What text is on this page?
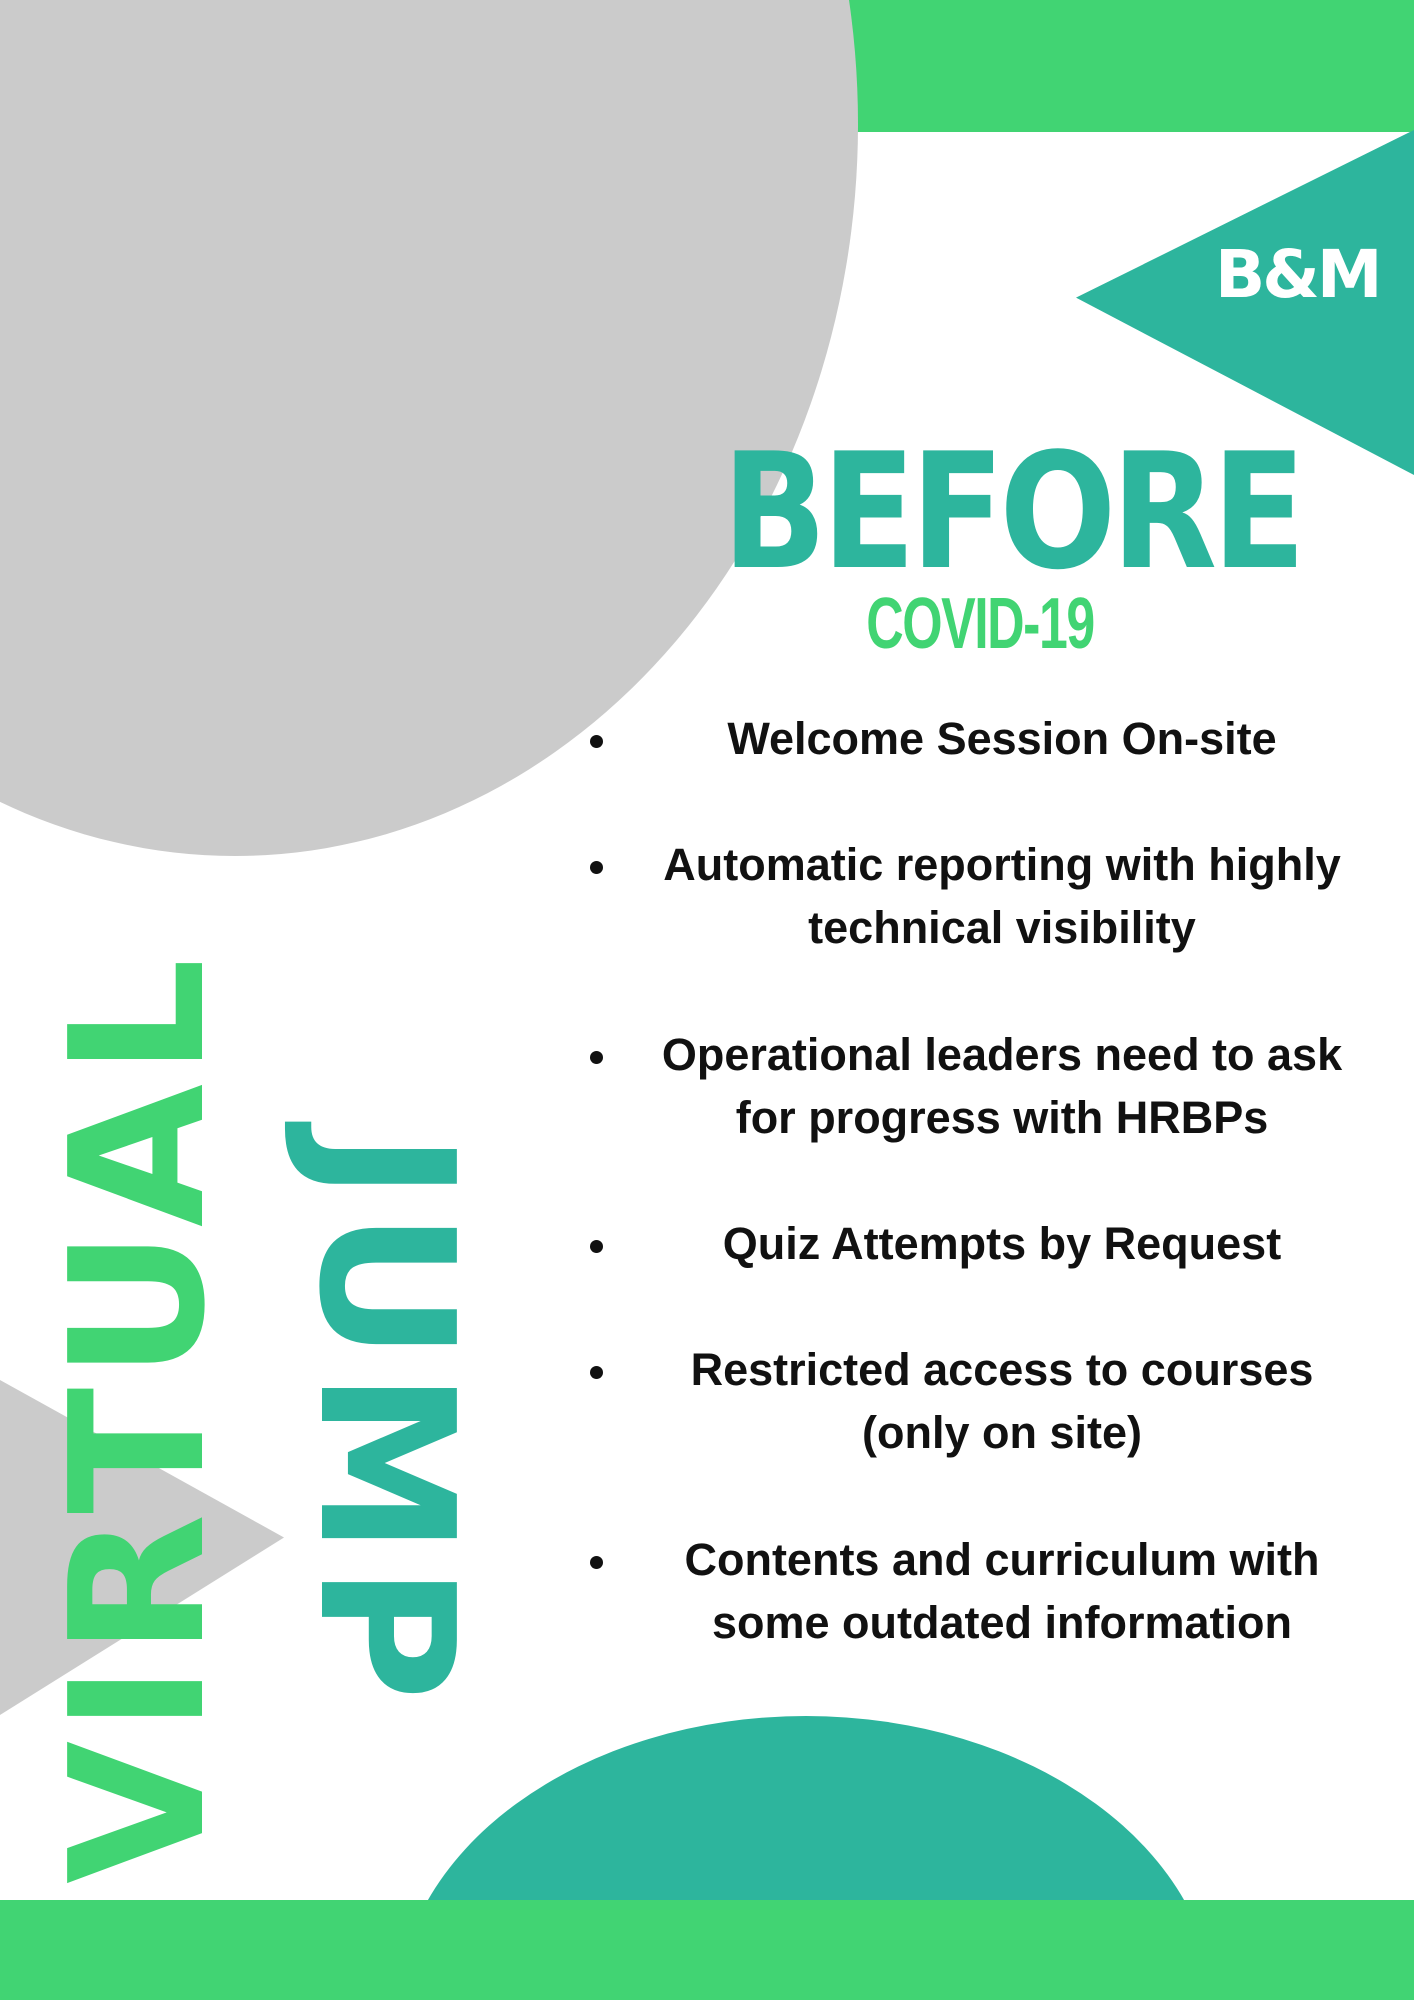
B&M
BEFORE
COVID-19
Welcome Session On-site
Automatic reporting with highly technical visibility
Operational leaders need to ask for progress with HRBPs
Quiz Attempts by Request
Restricted access to courses (only on site)
Contents and curriculum with some outdated information
VIRTUAL JUMP
